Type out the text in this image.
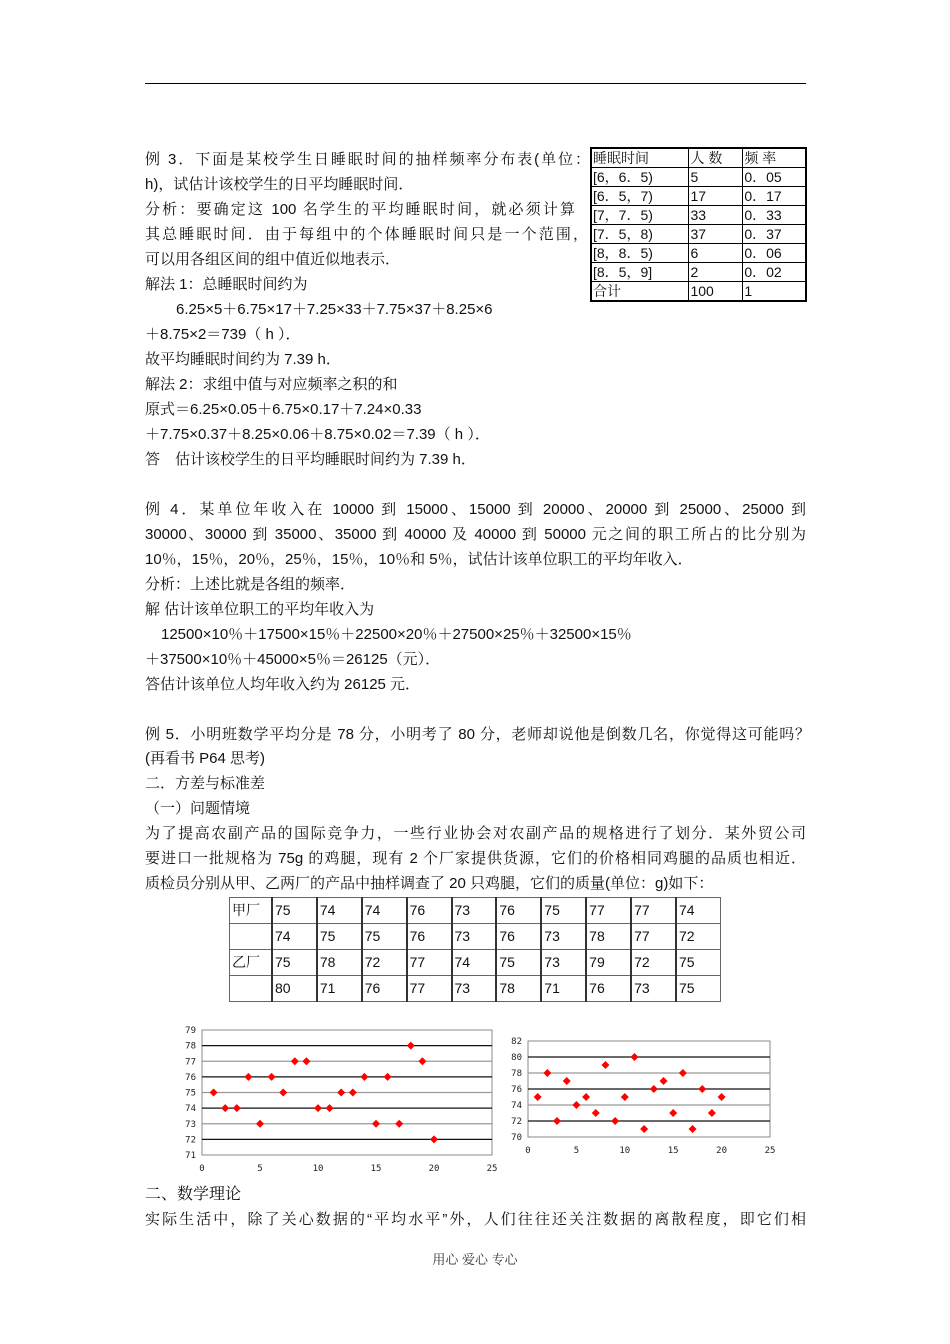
例 3．下面是某校学生日睡眠时间的抽样频率分布表(单位：
h)，试估计该校学生的日平均睡眠时间．
分析：要确定这 100 名学生的平均睡眠时间，就必须计算
其总睡眠时间．由于每组中的个体睡眠时间只是一个范围，
可以用各组区间的组中值近似地表示．
解法 1：总睡眠时间约为
6.25×5＋6.75×17＋7.25×33＋7.75×37＋8.25×6
＋8.75×2＝739（ h ）．
故平均睡眠时间约为 7.39 h．
解法 2：求组中值与对应频率之积的和
原式＝6.25×0.05＋6.75×0.17＋7.24×0.33
＋7.75×0.37＋8.25×0.06＋8.75×0.02＝7.39（ h ）．
答　估计该校学生的日平均睡眠时间约为 7.39 h．
睡眠时间	人 数	频 率
[6，6．5)	5	0．05
[6．5，7)	17	0．17
[7，7．5)	33	0．33
[7．5，8)	37	0．37
[8，8．5)	6	0．06
[8．5，9]	2	0．02
合计	100	1
例 4．某单位年收入在 10000 到 15000、15000 到 20000、20000 到 25000、25000 到
30000、30000 到 35000、35000 到 40000 及 40000 到 50000 元之间的职工所占的比分别为
10％，15％，20％，25％，15％，10％和 5％，试估计该单位职工的平均年收入．
分析：上述比就是各组的频率．
解 估计该单位职工的平均年收入为
12500×10％＋17500×15％＋22500×20％＋27500×25％＋32500×15％
＋37500×10％＋45000×5％＝26125（元）．
答估计该单位人均年收入约为 26125 元．
例 5．小明班数学平均分是 78 分，小明考了 80 分，老师却说他是倒数几名，你觉得这可能吗？
(再看书 P64 思考)
二．方差与标准差
（一）问题情境
为了提高农副产品的国际竞争力，一些行业协会对农副产品的规格进行了划分．某外贸公司
要进口一批规格为 75g 的鸡腿，现有 2 个厂家提供货源，它们的价格相同鸡腿的品质也相近．
质检员分别从甲、乙两厂的产品中抽样调查了 20 只鸡腿，它们的质量(单位：g)如下：
甲厂	75	74	74	76	73	76	75	77	77	74
	74	75	75	76	73	76	73	78	77	72
乙厂	75	78	72	77	74	75	73	79	72	75
	80	71	76	77	73	78	71	76	73	75
71
72
73
74
75
76
77
78
79
0	5	10	15	20	25
70
72
74
76
78
80
82
0	5	10	15	20	25
二、数学理论
实际生活中，除了关心数据的“平均水平”外，人们往往还关注数据的离散程度，即它们相
用心 爱心 专心
